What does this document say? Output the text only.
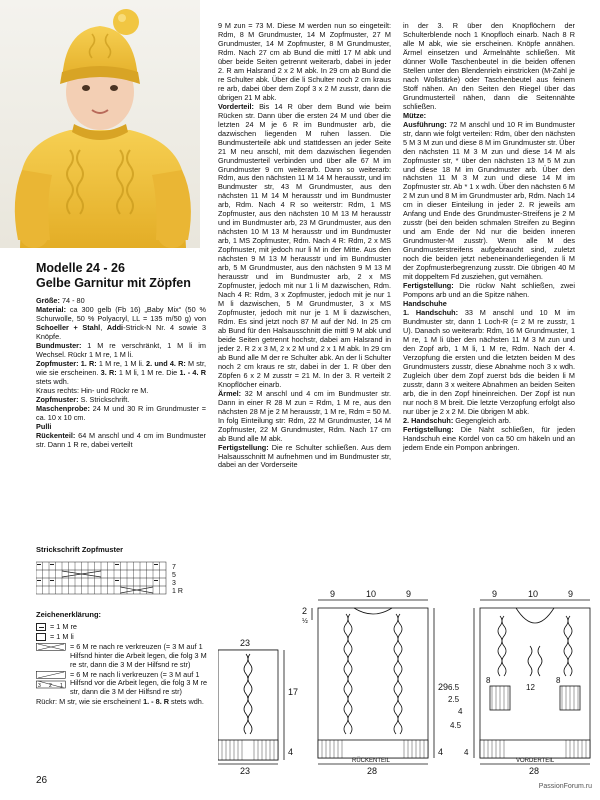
Modelle 24 - 26
Gelbe Garnitur mit Zöpfen

Größe: 74 - 80

Material: ca 300 gelb (Fb 16) „Baby Mix“ (50 % Schurwolle, 50 % Polyacryl, LL = 135 m/50 g) von Schoeller + Stahl, Addi-Strick-N Nr. 4 sowie 3 Knöpfe.

Bundmuster: 1 M re verschränkt, 1 M li im Wechsel. Rückr 1 M re, 1 M li.

Zopfmuster: 1. R: 1 M re, 1 M li. 2. und 4. R: M str, wie sie erscheinen. 3. R: 1 M li, 1 M re. Die 1. - 4. R stets wdh.

Kraus rechts: Hin- und Rückr re M.

Zopfmuster: S. Strickschrift.

Maschenprobe: 24 M und 30 R im Grundmuster = ca. 10 x 10 cm.

Pulli

Rückenteil: 64 M anschl und 4 cm im Bundmuster str. Dann 1 R re, dabei verteilt

Strickschrift Zopfmuster
7
5
3
1 R
Zeichenerklärung:
= 1 M re
= 1 M li
= 6 M re nach re verkreuzen (= 3 M auf 1 Hilfsnd hinter die Arbeit legen, die folg 3 M re str, dann die 3 M der Hilfsnd re str)
3 2 1
= 6 M re nach li verkreuzen (= 3 M auf 1 Hilfsnd vor die Arbeit legen, die folg 3 M re str, dann die 3 M der Hilfsnd re str)

Rückr: M str, wie sie erscheinen! 1. - 8. R stets wdh.

9 M zun = 73 M. Diese M werden nun so eingeteilt: Rdm, 8 M Grundmuster, 14 M Zopfmuster, 27 M Grundmuster, 14 M Zopfmuster, 8 M Grundmuster, Rdm. Nach 27 cm ab Bund die mittl 17 M abk und über beide Seiten getrennt weiterarb, dabei in jeder 2. R am Halsrand 2 x 2 M abk. In 29 cm ab Bund die re Schulter abk. Über die li Schulter noch 2 cm kraus re arb, dabei über dem Zopf 3 x 2 M zusstr, dann die übrigen 21 M abk.

Vorderteil: Bis 14 R über dem Bund wie beim Rücken str. Dann über die ersten 24 M und über die letzten 24 M je 6 R im Bundmuster arb, die dazwischen liegenden M ruhen lassen. Die Bundmusterteile abk und stattdessen an jeder Seite 21 M neu anschl, mit dem dazwischen liegenden Grundmusterteil verbinden und über alle 67 M im Grundmuster 9 cm weiterarb. Dann so weiterarb: Rdm, aus den nächsten 11 M 14 M herausstr, und im Bundmuster str, 43 M Grundmuster, aus den nächsten 11 M 14 M herausstr und im Bundmuster arb, Rdm. Nach 4 R so weiterstr: Rdm, 1 MS Zopfmuster, aus den nächsten 10 M 13 M herausstr und im Bundmuster arb, 23 M Grundmuster, aus den nächsten 10 M 13 M herausstr und im Bundmuster arb, 1 MS Zopfmuster, Rdm. Nach 4 R: Rdm, 2 x MS Zopfmuster, mit jedoch nur li M in der Mitte. Aus den nächsten 9 M 13 M herausstr und im Bundmuster arb, 5 M Grundmuster, aus den nächsten 9 M 13 M herausstr und im Bundmuster arb, 2 x MS Zopfmuster, jedoch mit nur 1 li M dazwischen, Rdm. Nach 4 R: Rdm, 3 x Zopfmuster, jedoch mit je nur 1 M li dazwischen, 5 M Grundmuster, 3 x MS Zopfmuster, jedoch mit nur je 1 M li dazwischen, Rdm. Es sind jetzt noch 87 M auf der Nd. In 25 cm ab Bund für den Halsausschnitt die mittl 9 M abk und beide Seiten getrennt hochstr, dabei am Halsrand in jeder 2. R 2 x 3 M, 2 x 2 M und 2 x 1 M abk. In 29 cm ab Bund alle M der re Schulter abk. An der li Schulter noch 2 cm kraus re str, dabei in der 1. R über den Zöpfen 6 x 2 M zusstr = 21 M. In der 3. R verteilt 2 Knopflöcher einarb.

Ärmel: 32 M anschl und 4 cm im Bundmuster str. Dann in einer R 28 M zun = Rdm, 1 M re, aus den nächsten 28 M je 2 M herausstr, 1 M re, Rdm = 50 M. In folg Einteilung str: Rdm, 22 M Grundmuster, 14 M Zopfmuster, 22 M Grundmuster, Rdm. Nach 17 cm ab Bund alle M abk.

Fertigstellung: Die re Schulter schließen. Aus dem Halsausschnitt M aufnehmen und im Bundmuster str, dabei an der Vorderseite

in der 3. R über den Knopflöchern der Schulterblende noch 1 Knopfloch einarb. Nach 8 R alle M abk, wie sie erscheinen. Knöpfe annähen. Ärmel einsetzen und Ärmelnähte schließen. Mit dünner Wolle Taschenbeutel in die beiden offenen Stellen unter den Blendenrieln einstricken (M-Zahl je nach Wollstärke) oder Taschenbeutel aus feinem Stoff nähen. An den Seiten den Riegel über das Grundmusterteil nähen, dann die Seitennähte schließen.

Mütze:

Ausführung: 72 M anschl und 10 R im Bundmuster str, dann wie folgt verteilen: Rdm, über den nächsten 5 M 3 M zun und diese 8 M im Grundmuster str. Über den nächsten 11 M 3 M zun und diese 14 M als Zopfmuster str, * über den nächsten 13 M 5 M zun und diese 18 M im Grundmuster arb. Über den nächsten 11 M 3 M zun und diese 14 M im Zopfmuster str. Ab * 1 x wdh. Über den nächsten 6 M 2 M zun und 8 M im Grundmuster arb, Rdm. Nach 14 cm in dieser Einteilung in jeder 2. R jeweils am Anfang und Ende des Grundmuster-Streifens je 2 M zusstr (bei den beiden schmalen Streifen zu Beginn und am Ende der Nd nur die beiden inneren Grundmuster-M zusstr). Wenn alle M des Grundmusterstreifens aufgebraucht sind, zuletzt noch die beiden jetzt nebeneinanderliegenden li M der Zopfmusterbegrenzung zusstr. Die übrigen 40 M mit doppeltem Fd zusziehen, gut vernähen.

Fertigstellung: Die rückw Naht schließen, zwei Pompons arb und an die Spitze nähen.

Handschuhe

1. Handschuh: 33 M anschl und 10 M im Bundmuster str, dann 1 Loch-R (= 2 M re zusstr, 1 U). Danach so weiterarb: Rdm, 16 M Grundmuster, 1 M re, 1 M li über den nächsten 11 M 3 M zun und den Zopf arb, 1 M li, 1 M re, Rdm. Nach der 4. Verzopfung die ersten und die letzten beiden M des Grundmusters zusstr, diese Abnahme noch 3 x wdh. Zugleich über dem Zopf zuerst bds die beiden li M zusstr, dann 3 x weitere Abnahmen an beiden Seiten arb, die in den Zopf hineinreichen. Der Zopf ist nun nur noch 8 M breit. Die letzte Verzopfung erfolgt also nur über je 2 x 2 M. Die übrigen M abk.

2. Handschuh: Gegengleich arb.

Fertigstellung: Die Naht schließen, für jeden Handschuh eine Kordel von ca 50 cm häkeln und an jedem Ende ein Pompon anbringen.

23
17
4
23
9	10	9
2
½
29
4
28
RÜCKENTEIL
9	10	9
6.5
2.5
4
4.5
8
12
8
4
28
VORDERTEIL
26
PassionForum.ru
